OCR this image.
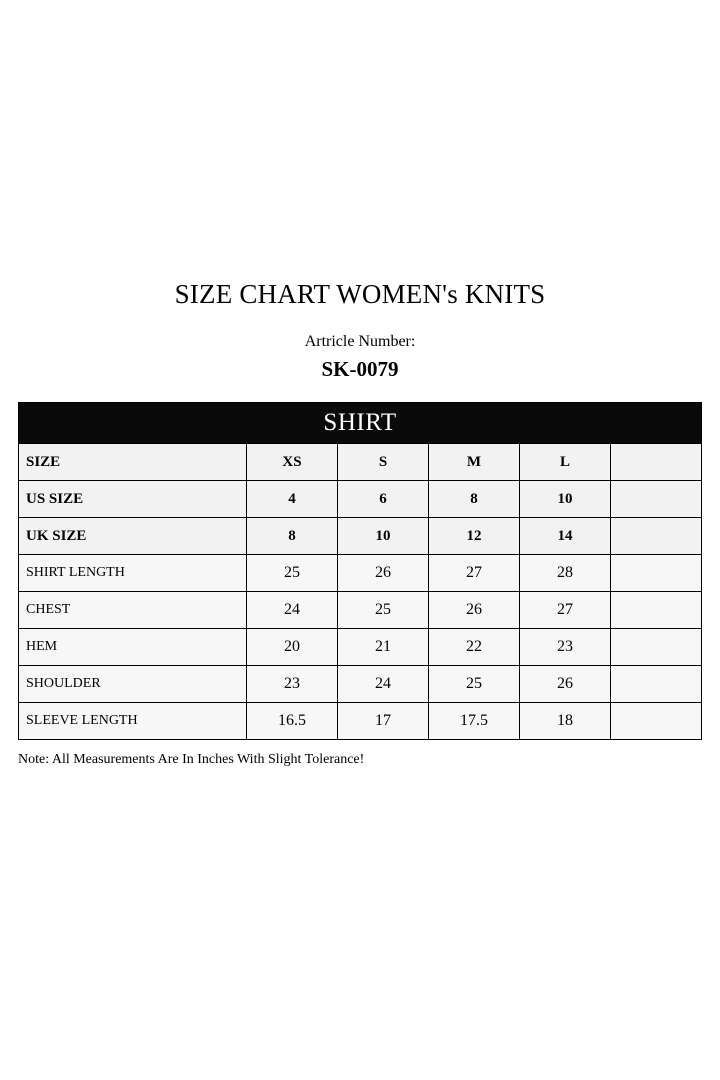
SIZE CHART WOMEN's KNITS
Artricle Number:
SK-0079
SHIRT					
SIZE	XS	S	M	L	
US SIZE	4	6	8	10	
UK SIZE	8	10	12	14	
SHIRT LENGTH	25	26	27	28	
CHEST	24	25	26	27	
HEM	20	21	22	23	
SHOULDER	23	24	25	26	
SLEEVE LENGTH	16.5	17	17.5	18	
Note: All Measurements Are In Inches With Slight Tolerance!
